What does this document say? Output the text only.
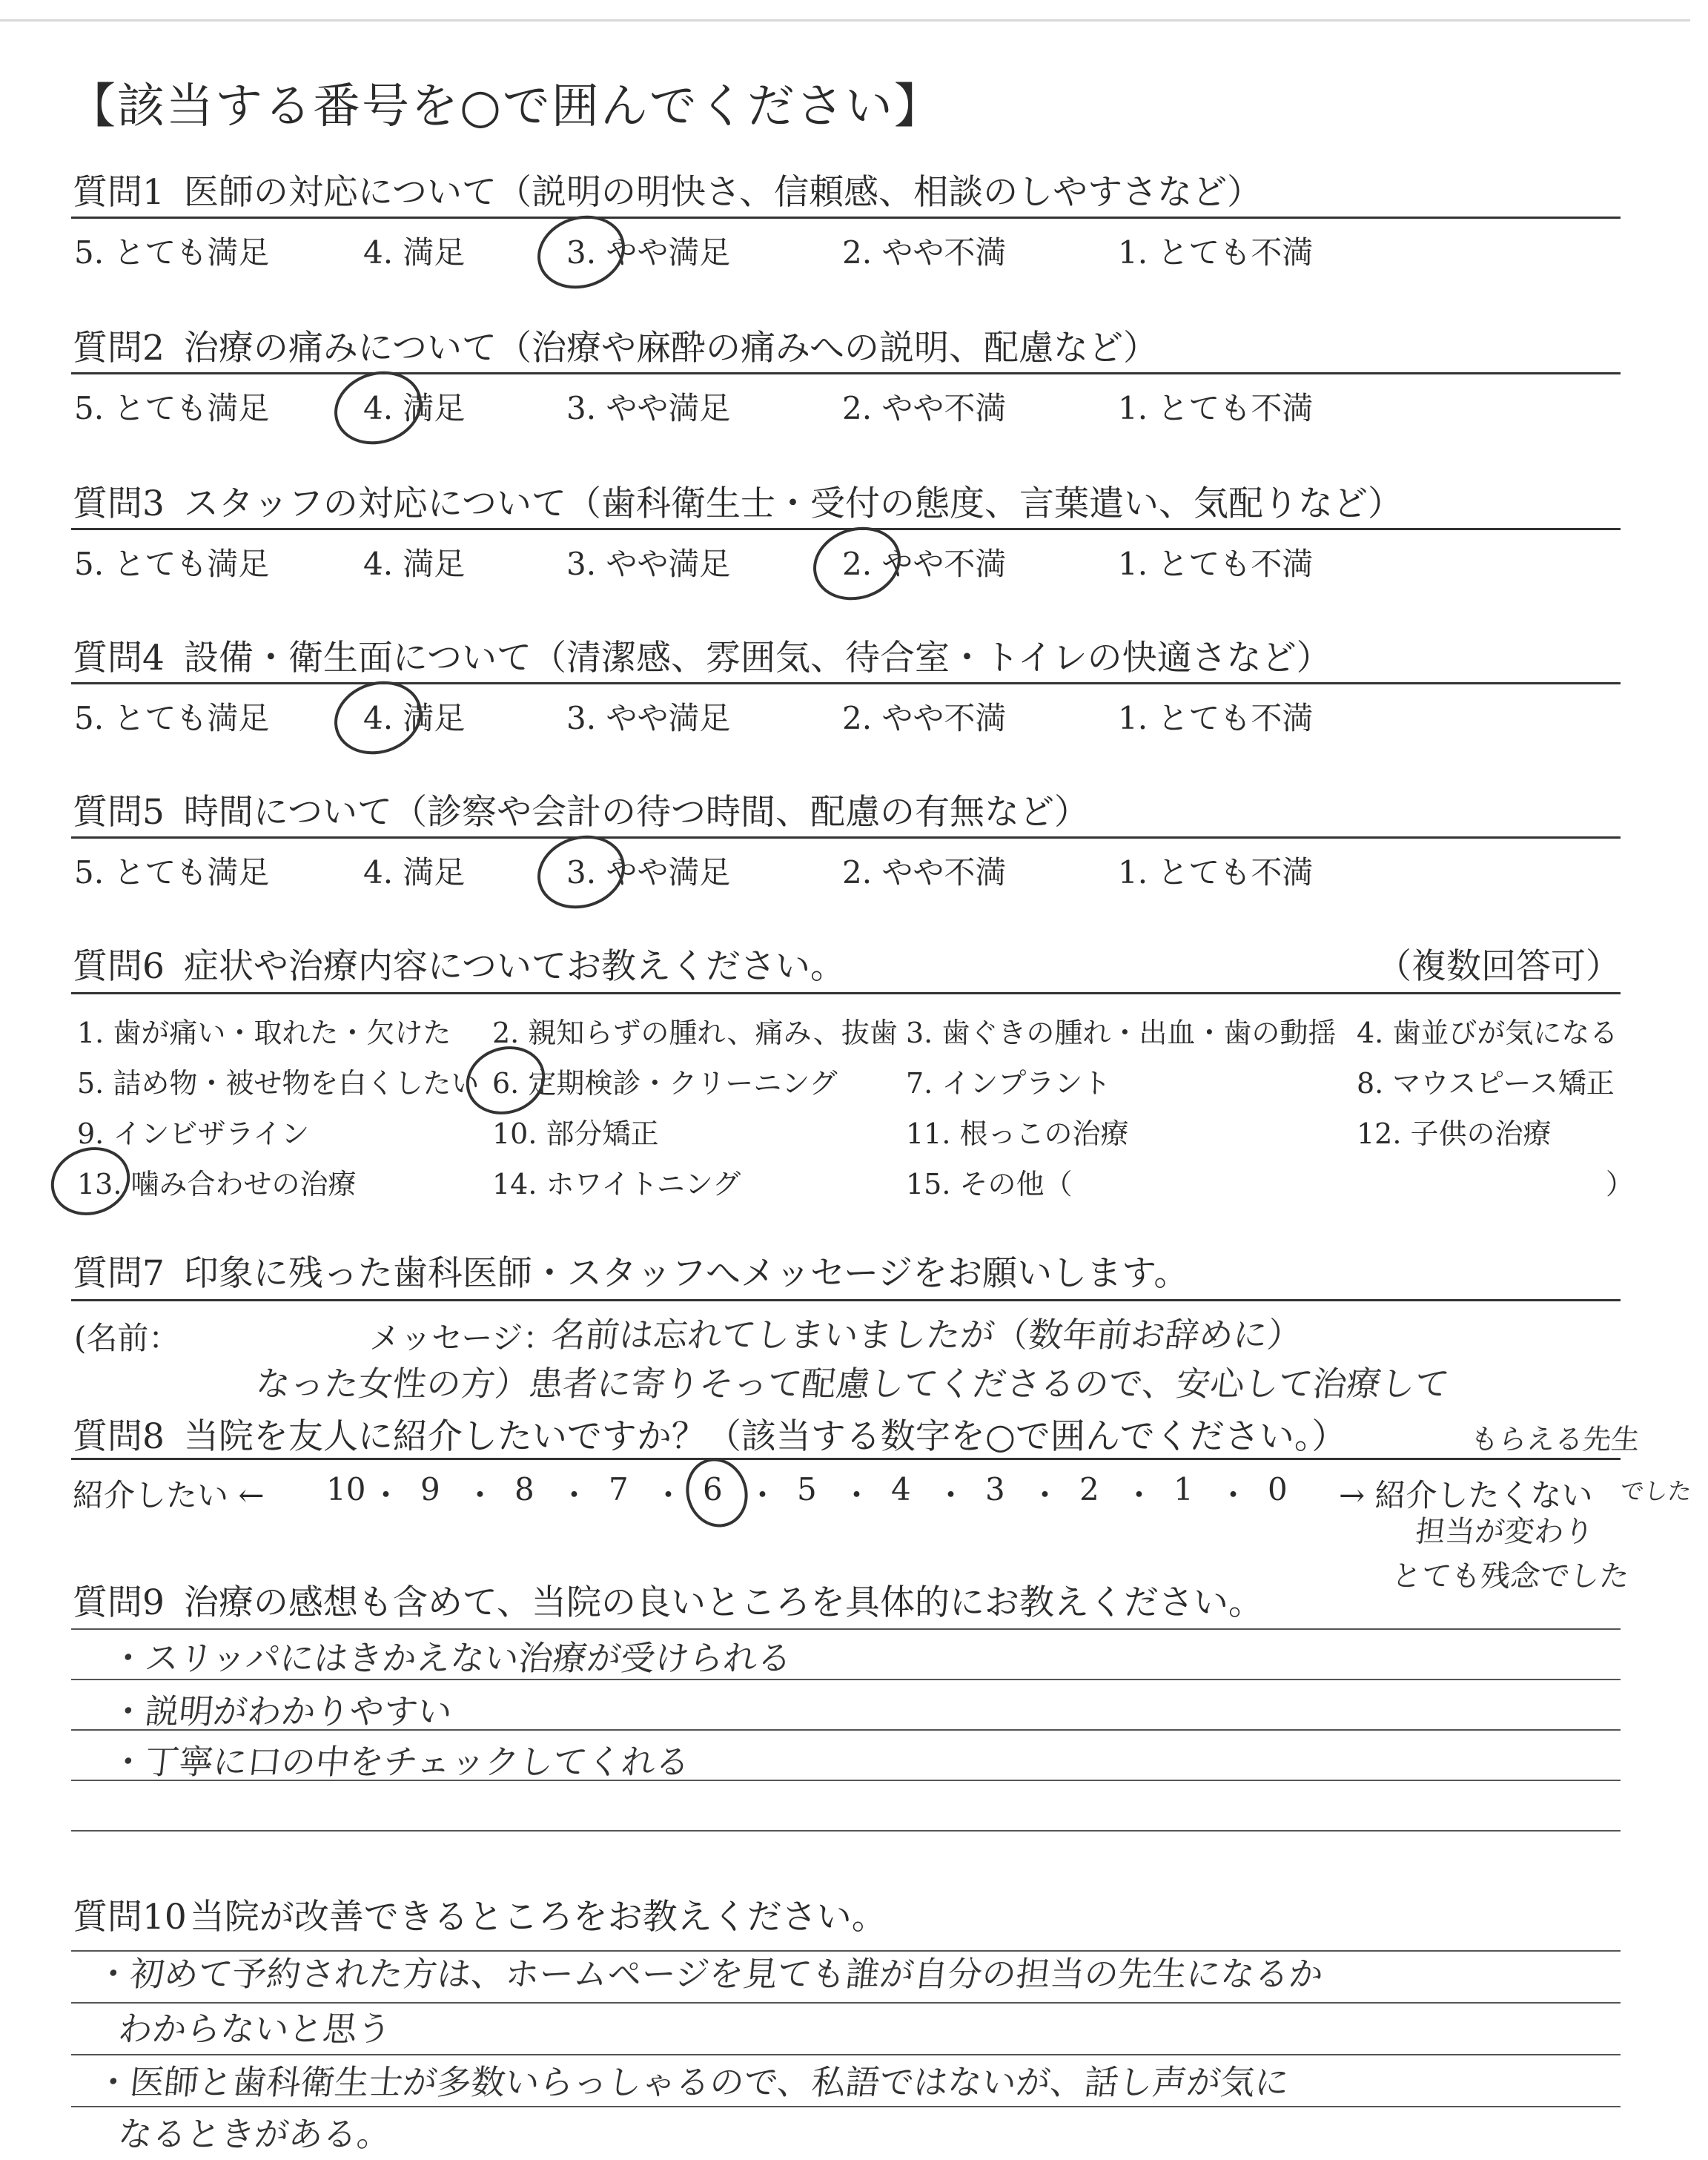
【該当する番号を○で囲んでください】
質問1 医師の対応について（説明の明快さ、信頼感、相談のしやすさなど）
5. とても満足	4. 満足	3. やや満足	2. やや不満	1. とても不満
質問2 治療の痛みについて（治療や麻酔の痛みへの説明、配慮など）
5. とても満足	4. 満足	3. やや満足	2. やや不満	1. とても不満
質問3 スタッフの対応について（歯科衛生士・受付の態度、言葉遣い、気配りなど）
5. とても満足	4. 満足	3. やや満足	2. やや不満	1. とても不満
質問4 設備・衛生面について（清潔感、雰囲気、待合室・トイレの快適さなど）
5. とても満足	4. 満足	3. やや満足	2. やや不満	1. とても不満
質問5 時間について（診察や会計の待つ時間、配慮の有無など）
5. とても満足	4. 満足	3. やや満足	2. やや不満	1. とても不満
質問6 症状や治療内容についてお教えください。	（複数回答可）
1. 歯が痛い・取れた・欠けた 2. 親知らずの腫れ、痛み、抜歯 3. 歯ぐきの腫れ・出血・歯の動揺 4. 歯並びが気になる
5. 詰め物・被せ物を白くしたい 6. 定期検診・クリーニング 7. インプラント	8. マウスピース矯正
9. インビザライン	10. 部分矯正	11. 根っこの治療	12. 子供の治療
13. 噛み合わせの治療	14. ホワイトニング	15. その他（	）
質問7 印象に残った歯科医師・スタッフへメッセージをお願いします。
(名前：	メッセージ：
名前は忘れてしまいましたが（数年前お辞めに）
なった女性の方）患者に寄りそって配慮してくださるので、安心して治療して
質問8 当院を友人に紹介したいですか？（該当する数字を○で囲んでください。）	もらえる先生
紹介したい ← 10 ・ 9 ・ 8 ・ 7 ・ 6 ・ 5 ・ 4 ・ 3 ・ 2 ・ 1 ・ 0 → 紹介したくない でした
担当が変わり
とても残念でした
質問9 治療の感想も含めて、当院の良いところを具体的にお教えください。
・スリッパにはきかえない治療が受けられる
・説明がわかりやすい
・丁寧に口の中をチェックしてくれる
質問10当院が改善できるところをお教えください。
・初めて予約された方は、ホームページを見ても誰が自分の担当の先生になるか
わからないと思う
・医師と歯科衛生士が多数いらっしゃるので、私語ではないが、話し声が気に
なるときがある。
